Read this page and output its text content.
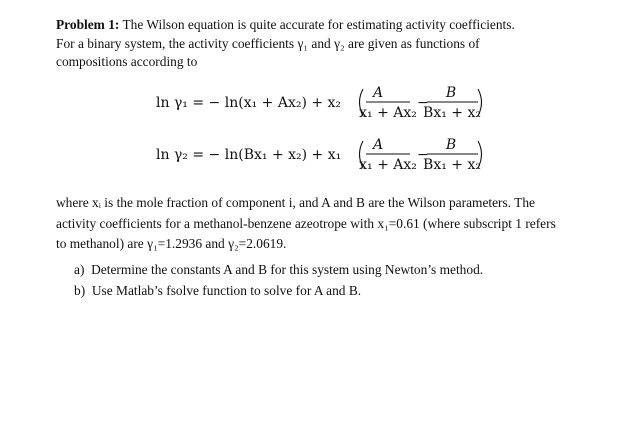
Problem 1: The Wilson equation is quite accurate for estimating activity coefficients.

For a binary system, the activity coefficients γ₁ and γ₂ are given as functions of

compositions according to

ln γ₁ = − ln(x₁ + Ax₂) + x₂
A
x₁ + Ax₂
−
B
Bx₁ + x₂
ln γ₂ = − ln(Bx₁ + x₂) + x₁
A
x₁ + Ax₂
−
B
Bx₁ + x₂

where xᵢ is the mole fraction of component i, and A and B are the Wilson parameters. The

activity coefficients for a methanol-benzene azeotrope with x₁=0.61 (where subscript 1 refers

to methanol) are γ₁=1.2936 and γ₂=2.0619.

a) Determine the constants A and B for this system using Newton’s method.

b) Use Matlab’s fsolve function to solve for A and B.
